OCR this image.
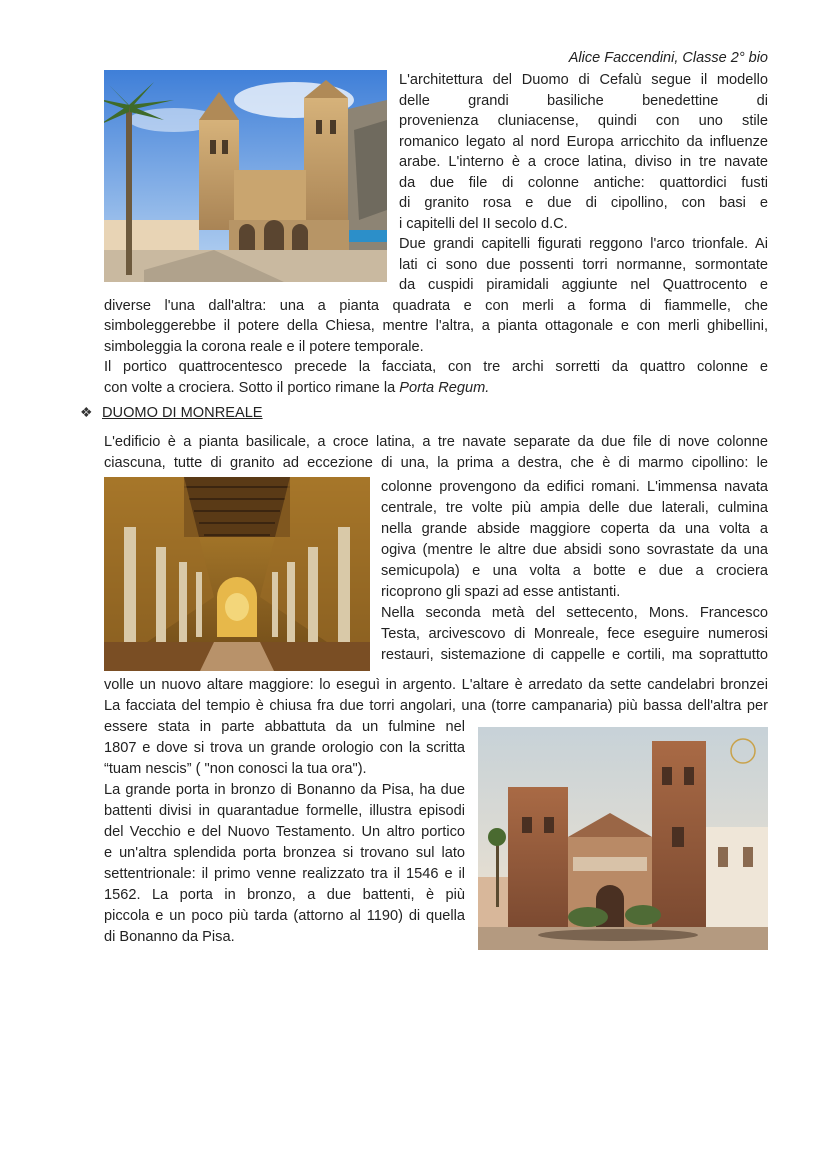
Alice Faccendini, Classe 2° bio
L'architettura del Duomo di Cefalù segue il modello
delle grandi basiliche benedettine di
provenienza cluniacense, quindi con uno stile
romanico legato al nord Europa arricchito da influenze
arabe. L'interno è a croce latina, diviso in tre navate
da due file di colonne antiche: quattordici fusti
di granito rosa e due di cipollino, con basi e
i capitelli del II secolo d.C.
Due grandi capitelli figurati reggono l'arco trionfale. Ai
lati ci sono due possenti torri normanne, sormontate
da cuspidi piramidali aggiunte nel Quattrocento e
diverse l'una dall'altra: una a pianta quadrata e con merli a forma di fiammelle, che
simboleggerebbe il potere della Chiesa, mentre l'altra, a pianta ottagonale e con merli ghibellini,
simboleggia la corona reale e il potere temporale.
Il portico quattrocentesco precede la facciata, con tre archi sorretti da quattro colonne e
con volte a crociera. Sotto il portico rimane la Porta Regum.
❖ DUOMO DI MONREALE
L'edificio è a pianta basilicale, a croce latina, a tre navate separate da due file di nove colonne
ciascuna, tutte di granito ad eccezione di una, la prima a destra, che è di marmo cipollino: le
colonne provengono da edifici romani. L'immensa navata
centrale, tre volte più ampia delle due laterali, culmina
nella grande abside maggiore coperta da una volta a
ogiva (mentre le altre due absidi sono sovrastate da una
semicupola) e una volta a botte e due a crociera
ricoprono gli spazi ad esse antistanti.
Nella seconda metà del settecento, Mons. Francesco
Testa, arcivescovo di Monreale, fece eseguire numerosi
restauri, sistemazione di cappelle e cortili, ma soprattutto
volle un nuovo altare maggiore: lo eseguì in argento. L'altare è arredato da sette candelabri bronzei
La facciata del tempio è chiusa fra due torri angolari, una (torre campanaria) più bassa dell'altra per
essere stata in parte abbattuta da un fulmine nel
1807 e dove si trova un grande orologio con la scritta
“tuam nescis” ( "non conosci la tua ora").
La grande porta in bronzo di Bonanno da Pisa, ha due
battenti divisi in quarantadue formelle, illustra episodi
del Vecchio e del Nuovo Testamento. Un altro portico
e un'altra splendida porta bronzea si trovano sul lato
settentrionale: il primo venne realizzato tra il 1546 e il
1562. La porta in bronzo, a due battenti, è più
piccola e un poco più tarda (attorno al 1190) di quella
di Bonanno da Pisa.
